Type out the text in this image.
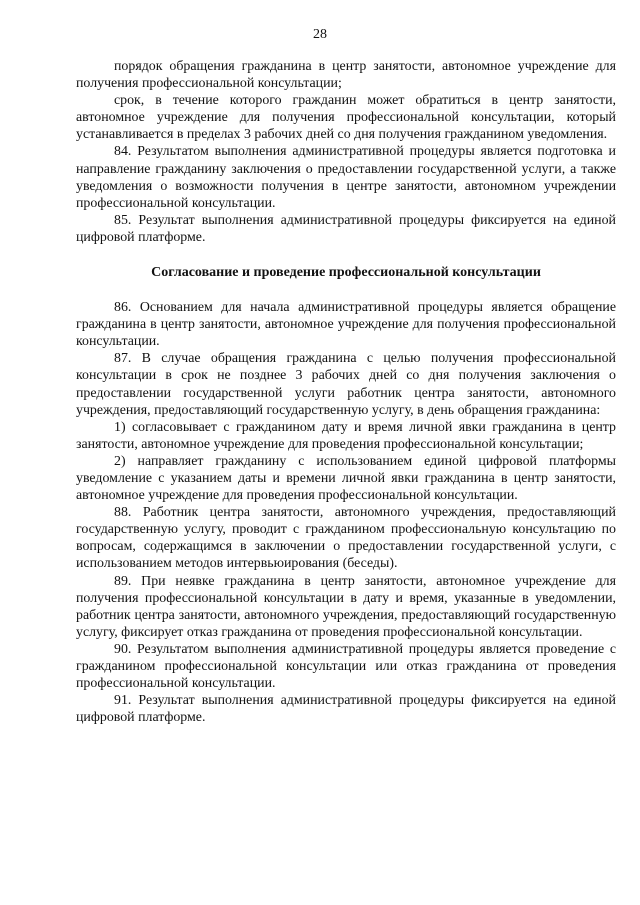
28

порядок обращения гражданина в центр занятости, автономное учреждение для получения профессиональной консультации;

срок, в течение которого гражданин может обратиться в центр занятости, автономное учреждение для получения профессиональной консультации, который устанавливается в пределах 3 рабочих дней со дня получения гражданином уведомления.

84. Результатом выполнения административной процедуры является подготовка и направление гражданину заключения о предоставлении государственной услуги, а также уведомления о возможности получения в центре занятости, автономном учреждении профессиональной консультации.

85. Результат выполнения административной процедуры фиксируется на единой цифровой платформе.

Согласование и проведение профессиональной консультации

86. Основанием для начала административной процедуры является обращение гражданина в центр занятости, автономное учреждение для получения профессиональной консультации.

87. В случае обращения гражданина с целью получения профессиональной консультации в срок не позднее 3 рабочих дней со дня получения заключения о предоставлении государственной услуги работник центра занятости, автономного учреждения, предоставляющий государственную услугу, в день обращения гражданина:

1) согласовывает с гражданином дату и время личной явки гражданина в центр занятости, автономное учреждение для проведения профессиональной консультации;

2) направляет гражданину с использованием единой цифровой платформы уведомление с указанием даты и времени личной явки гражданина в центр занятости, автономное учреждение для проведения профессиональной консультации.

88. Работник центра занятости, автономного учреждения, предоставляющий государственную услугу, проводит с гражданином профессиональную консультацию по вопросам, содержащимся в заключении о предоставлении государственной услуги, с использованием методов интервьюирования (беседы).

89. При неявке гражданина в центр занятости, автономное учреждение для получения профессиональной консультации в дату и время, указанные в уведомлении, работник центра занятости, автономного учреждения, предоставляющий государственную услугу, фиксирует отказ гражданина от проведения профессиональной консультации.

90. Результатом выполнения административной процедуры является проведение с гражданином профессиональной консультации или отказ гражданина от проведения профессиональной консультации.

91. Результат выполнения административной процедуры фиксируется на единой цифровой платформе.
